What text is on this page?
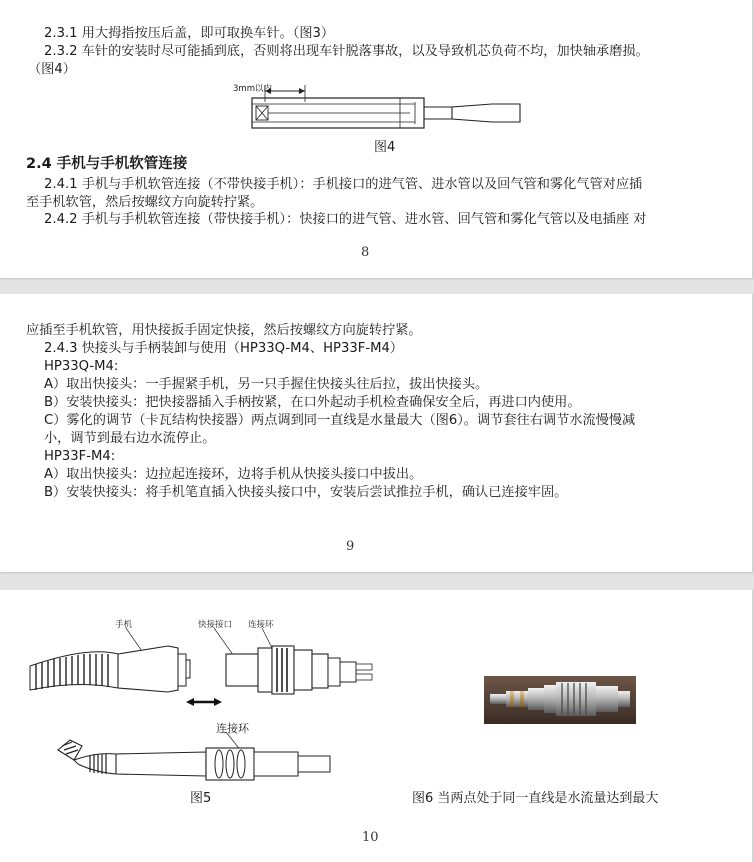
2.3.1 用大拇指按压后盖，即可取换车针。（图3）
2.3.2 车针的安装时尽可能插到底，否则将出现车针脱落事故，以及导致机芯负荷不均，加快轴承磨损。
（图4）
3mm以内
图4
2.4 手机与手机软管连接
2.4.1 手机与手机软管连接（不带快接手机）：手机接口的进气管、进水管以及回气管和雾化气管对应插
至手机软管，然后按螺纹方向旋转拧紧。
2.4.2 手机与手机软管连接（带快接手机）：快接口的进气管、进水管、回气管和雾化气管以及电插座 对
8
应插至手机软管，用快接扳手固定快接，然后按螺纹方向旋转拧紧。
2.4.3 快接头与手柄装卸与使用（HP33Q-M4、HP33F-M4）
HP33Q-M4:
A）取出快接头：一手握紧手机，另一只手握住快接头往后拉，拔出快接头。
B）安装快接头：把快接器插入手柄按紧，在口外起动手机检查确保安全后，再进口内使用。
C）雾化的调节（卡瓦结构快接器）两点调到同一直线是水量最大（图6）。调节套往右调节水流慢慢减
小，调节到最右边水流停止。
HP33F-M4:
A）取出快接头：边拉起连接环，边将手机从快接头接口中拔出。
B）安装快接头：将手机笔直插入快接头接口中，安装后尝试推拉手机，确认已连接牢固。
9
手机	快接接口 连接环
连接环
图5	图6 当两点处于同一直线是水流量达到最大
10
